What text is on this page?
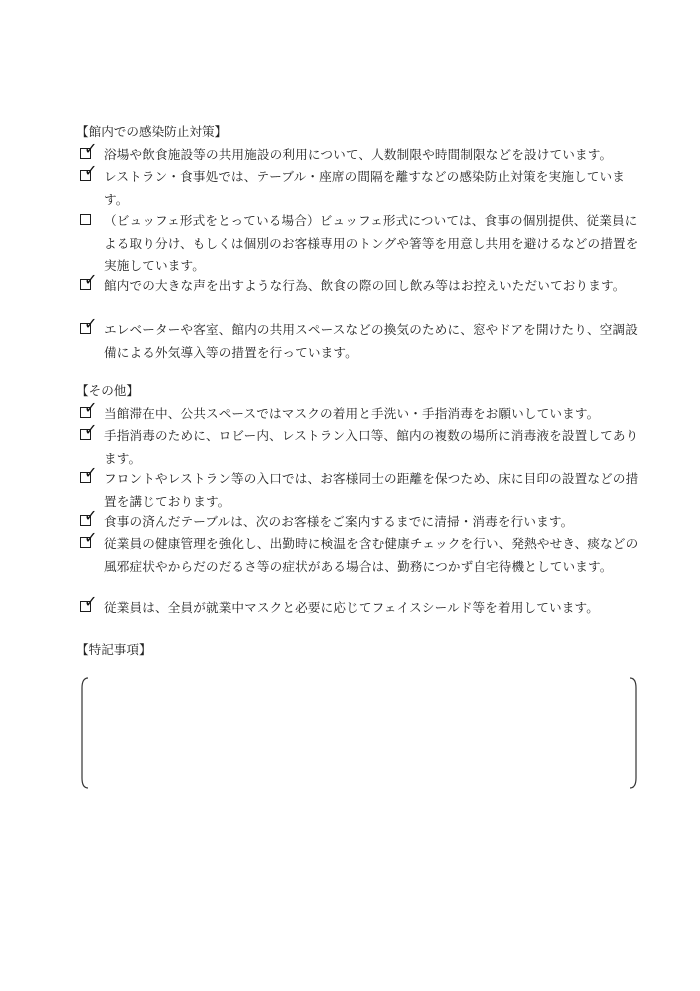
【館内での感染防止対策】
✓ 浴場や飲食施設等の共用施設の利用について、人数制限や時間制限などを設けています。
✓ レストラン・食事処では、テーブル・座席の間隔を離すなどの感染防止対策を実施しています。
（ビュッフェ形式をとっている場合）ビュッフェ形式については、食事の個別提供、従業員による取り分け、もしくは個別のお客様専用のトングや箸等を用意し共用を避けるなどの措置を実施しています。
✓ 館内での大きな声を出すような行為、飲食の際の回し飲み等はお控えいただいております。
✓ エレベーターや客室、館内の共用スペースなどの換気のために、窓やドアを開けたり、空調設備による外気導入等の措置を行っています。
【その他】
✓ 当館滞在中、公共スペースではマスクの着用と手洗い・手指消毒をお願いしています。
✓ 手指消毒のために、ロビー内、レストラン入口等、館内の複数の場所に消毒液を設置してあります。
✓ フロントやレストラン等の入口では、お客様同士の距離を保つため、床に目印の設置などの措置を講じております。
✓ 食事の済んだテーブルは、次のお客様をご案内するまでに清掃・消毒を行います。
✓ 従業員の健康管理を強化し、出勤時に検温を含む健康チェックを行い、発熱やせき、痰などの風邪症状やからだのだるさ等の症状がある場合は、勤務につかず自宅待機としています。
✓ 従業員は、全員が就業中マスクと必要に応じてフェイスシールド等を着用しています。
【特記事項】
